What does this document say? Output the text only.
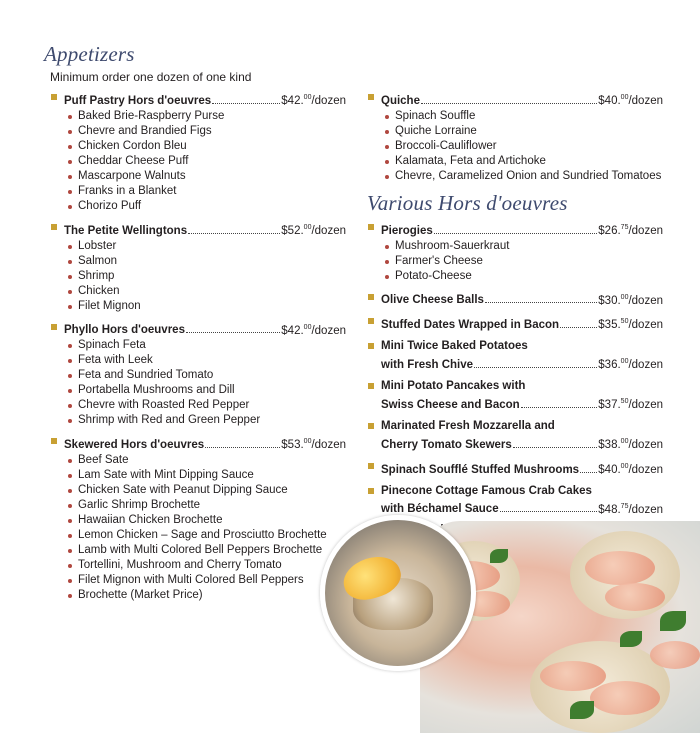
Appetizers
Minimum order one dozen of one kind
Puff Pastry Hors d'oeuvres	$42.00/dozen
Baked Brie-Raspberry Purse
Chevre and Brandied Figs
Chicken Cordon Bleu
Cheddar Cheese Puff
Mascarpone Walnuts
Franks in a Blanket
Chorizo Puff
The Petite Wellingtons	$52.00/dozen
Lobster
Salmon
Shrimp
Chicken
Filet Mignon
Phyllo Hors d'oeuvres	$42.00/dozen
Spinach Feta
Feta with Leek
Feta and Sundried Tomato
Portabella Mushrooms and Dill
Chevre with Roasted Red Pepper
Shrimp with Red and Green Pepper
Skewered Hors d'oeuvres	$53.00/dozen
Beef Sate
Lam Sate with Mint Dipping Sauce
Chicken Sate with Peanut Dipping Sauce
Garlic Shrimp Brochette
Hawaiian Chicken Brochette
Lemon Chicken – Sage and Prosciutto Brochette
Lamb with Multi Colored Bell Peppers Brochette
Tortellini, Mushroom and Cherry Tomato
Filet Mignon with Multi Colored Bell Peppers
Brochette (Market Price)
Quiche	$40.00/dozen
Spinach Souffle
Quiche Lorraine
Broccoli-Cauliflower
Kalamata, Feta and Artichoke
Chevre, Caramelized Onion and Sundried Tomatoes
Various Hors d'oeuvres
Pierogies	$26.75/dozen
Mushroom-Sauerkraut
Farmer's Cheese
Potato-Cheese
Olive Cheese Balls	$30.00/dozen
Stuffed Dates Wrapped in Bacon	$35.50/dozen
Mini Twice Baked Potatoes
with Fresh Chive	$36.00/dozen
Mini Potato Pancakes with
Swiss Cheese and Bacon	$37.50/dozen
Marinated Fresh Mozzarella and
Cherry Tomato Skewers	$38.00/dozen
Spinach Soufflé Stuffed Mushrooms $40.00/dozen
Pinecone Cottage Famous Crab Cakes
with Béchamel Sauce	$48.75/dozen
